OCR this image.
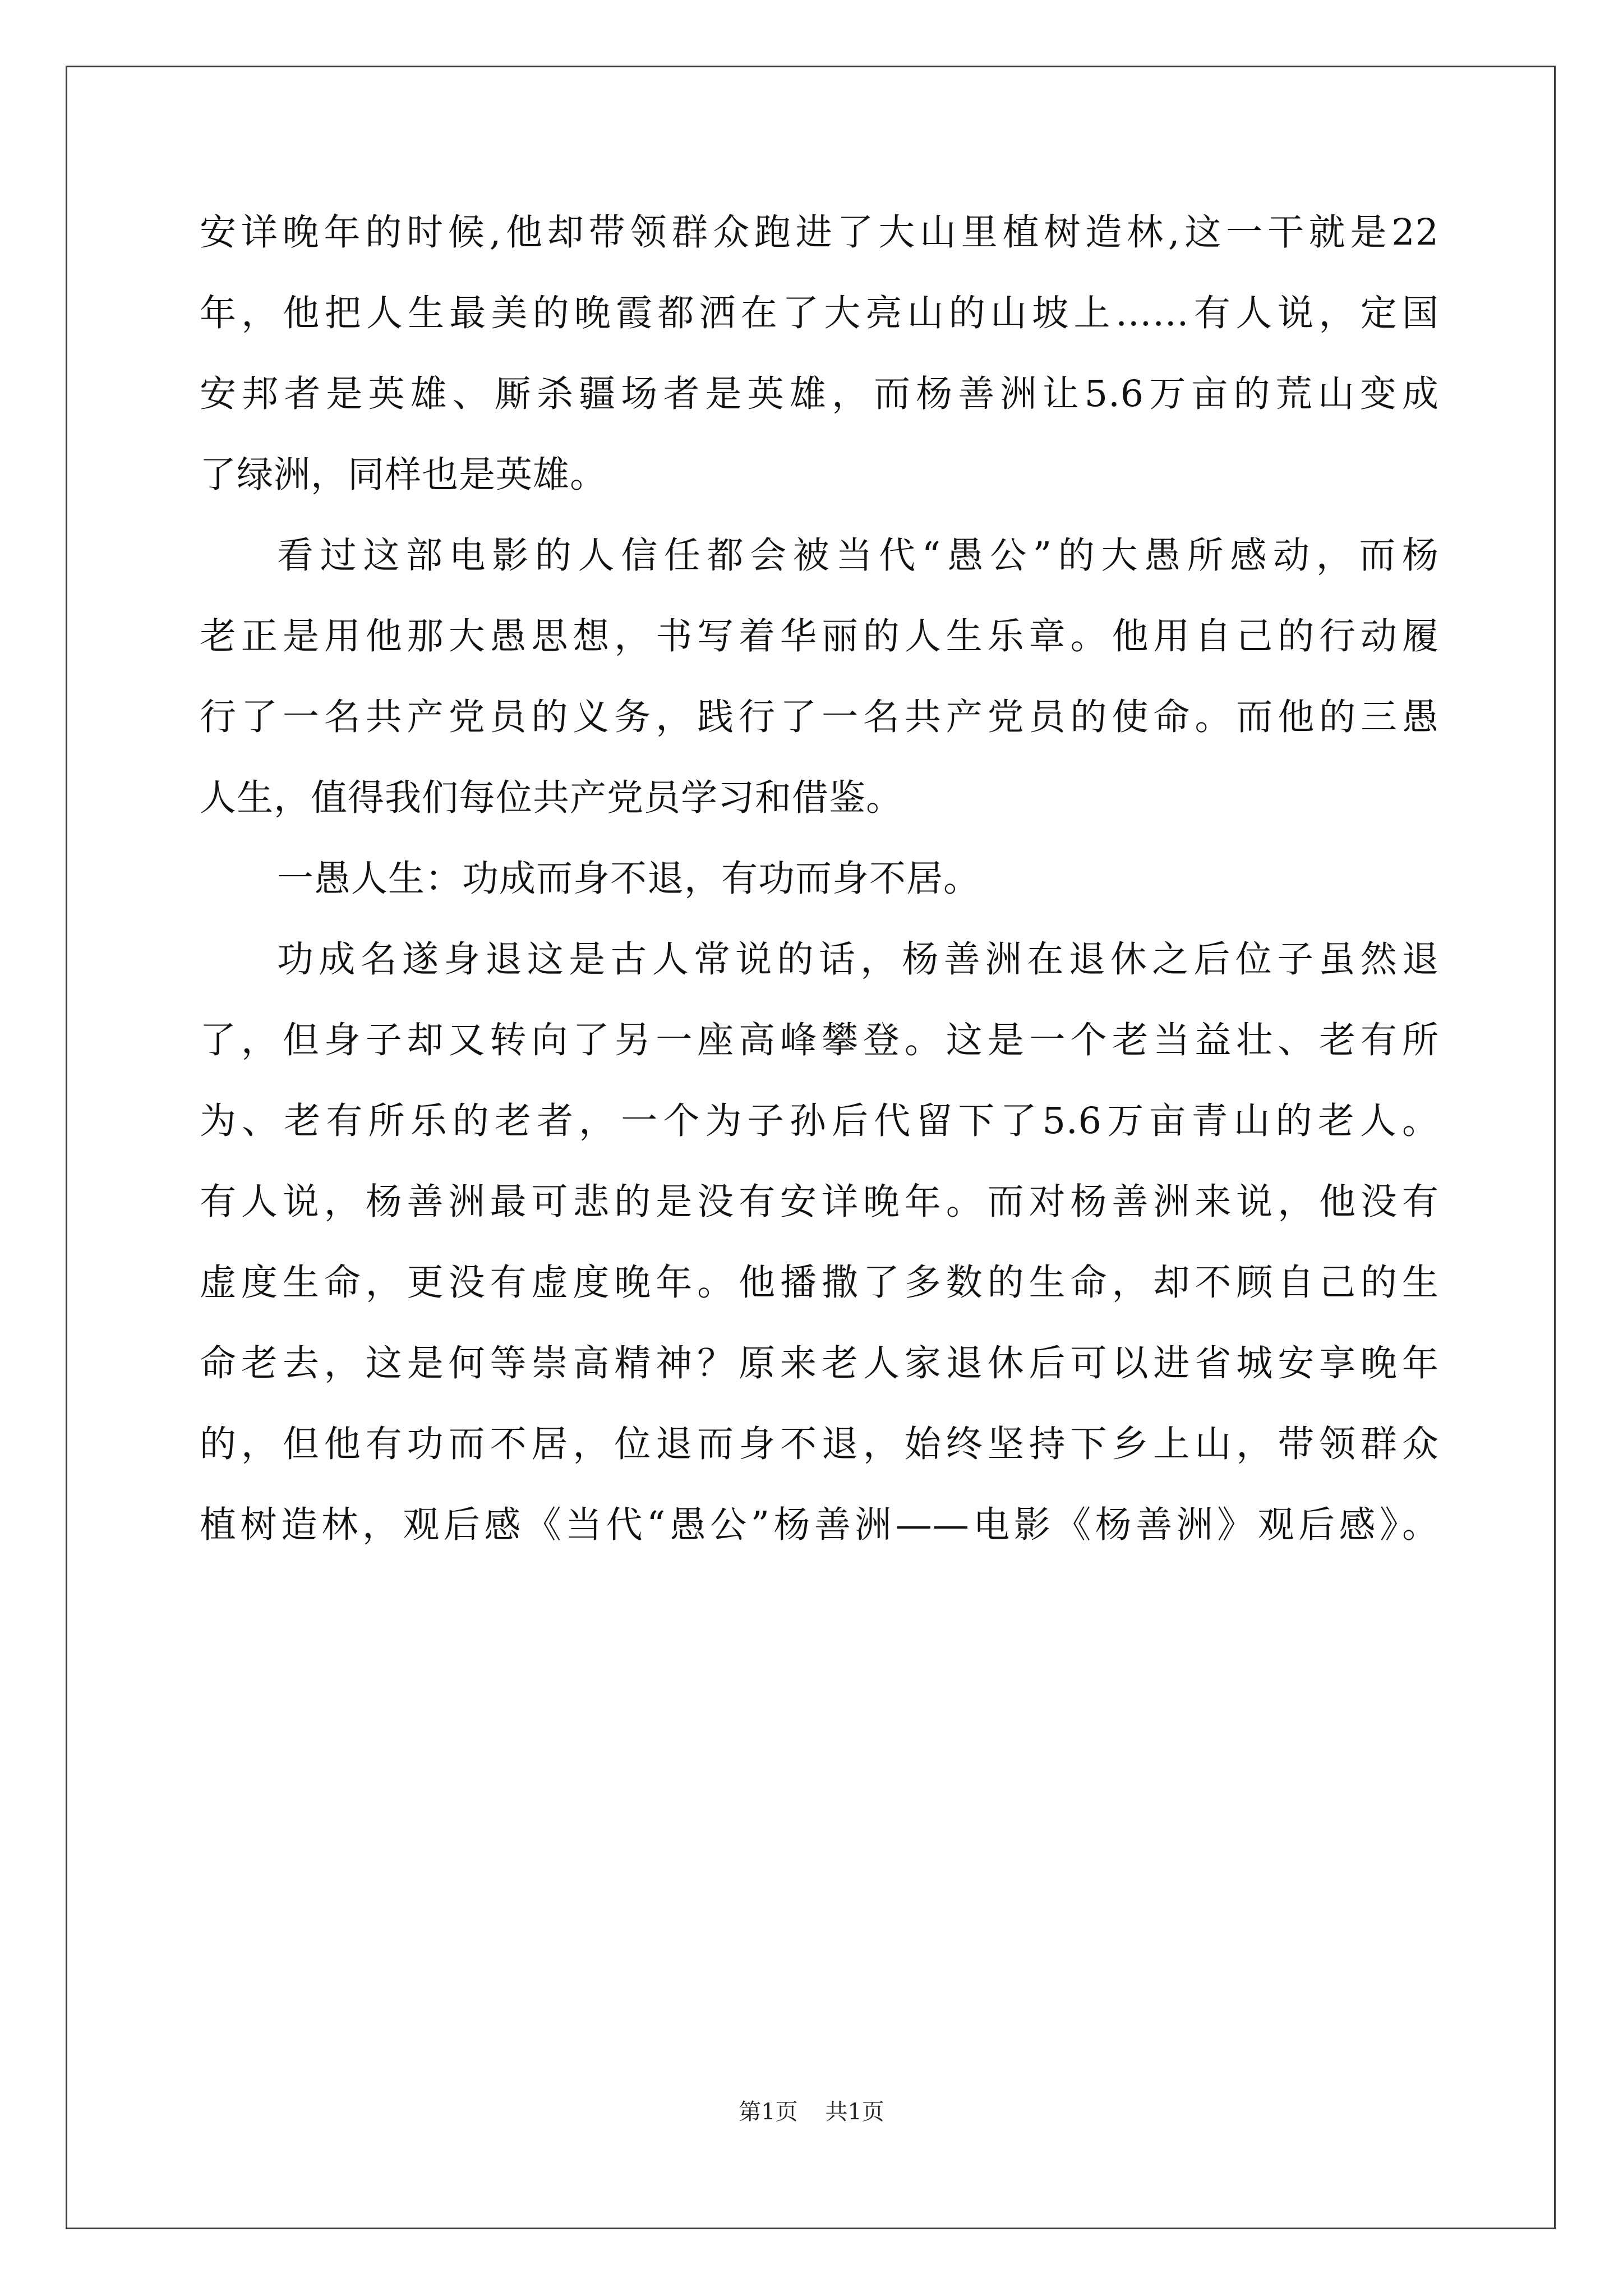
安详晚年的时候,他却带领群众跑进了大山里植树造林,这一干就是22
年，他把人生最美的晚霞都洒在了大亮山的山坡上……有人说，定国
安邦者是英雄、厮杀疆场者是英雄，而杨善洲让5.6万亩的荒山变成
了绿洲，同样也是英雄。
看过这部电影的人信任都会被当代“愚公”的大愚所感动，而杨
老正是用他那大愚思想，书写着华丽的人生乐章。他用自己的行动履
行了一名共产党员的义务，践行了一名共产党员的使命。而他的三愚
人生，值得我们每位共产党员学习和借鉴。
一愚人生：功成而身不退，有功而身不居。
功成名遂身退这是古人常说的话，杨善洲在退休之后位子虽然退
了，但身子却又转向了另一座高峰攀登。这是一个老当益壮、老有所
为、老有所乐的老者，一个为子孙后代留下了5.6万亩青山的老人。
有人说，杨善洲最可悲的是没有安详晚年。而对杨善洲来说，他没有
虚度生命，更没有虚度晚年。他播撒了多数的生命，却不顾自己的生
命老去，这是何等崇高精神？原来老人家退休后可以进省城安享晚年
的，但他有功而不居，位退而身不退，始终坚持下乡上山，带领群众
植树造林，观后感《当代“愚公”杨善洲——电影《杨善洲》观后感》。
第1页 共1页
